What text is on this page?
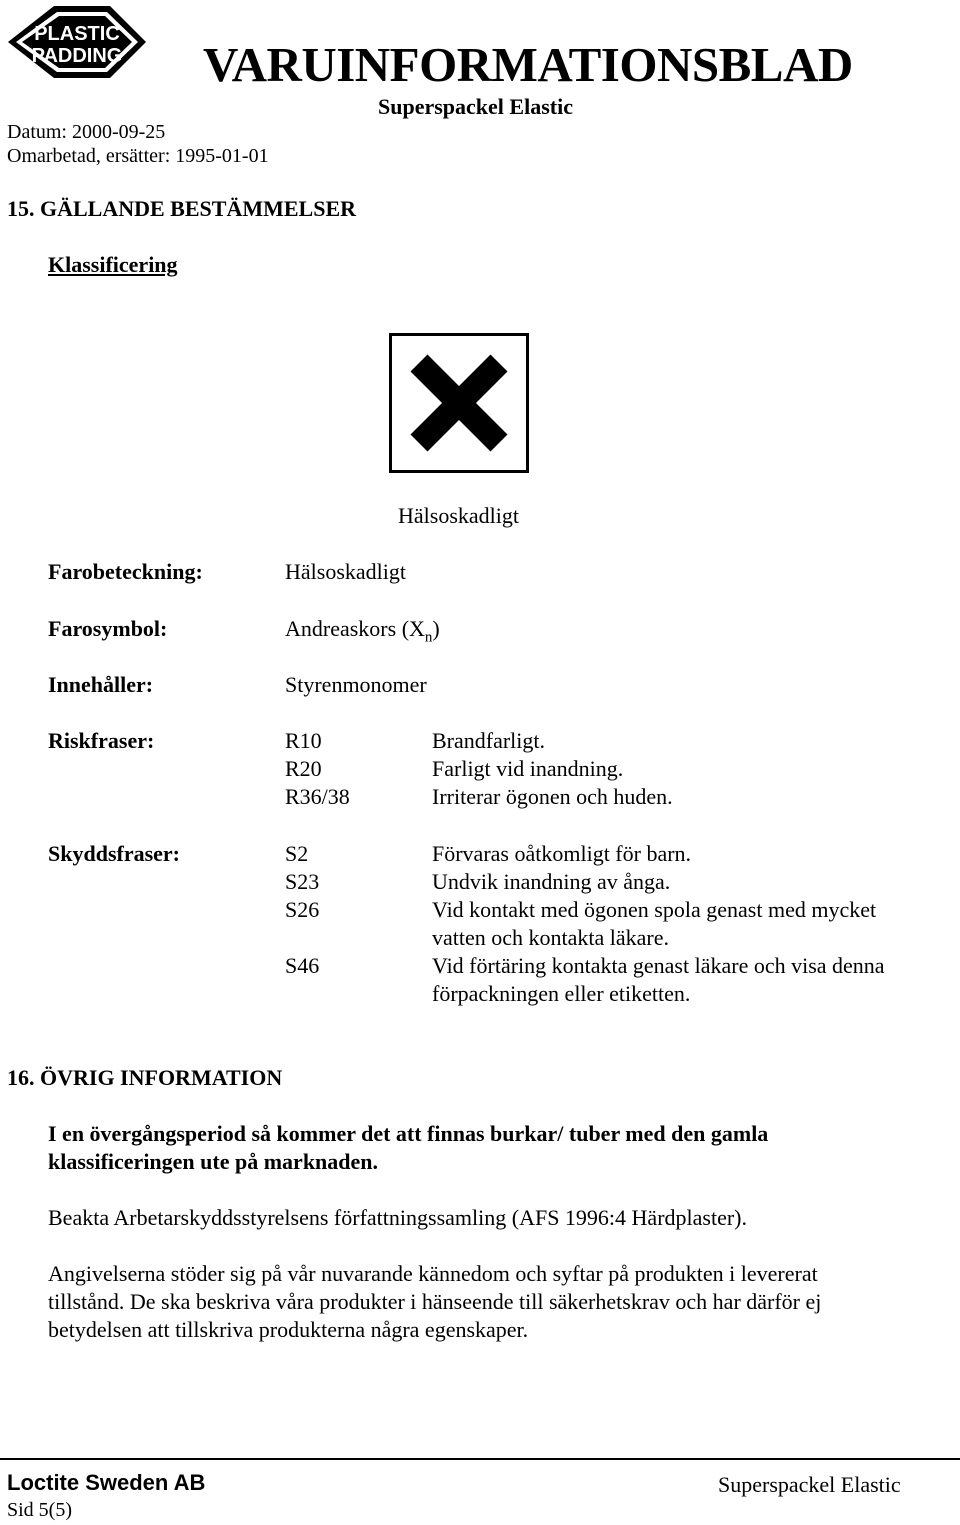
PLASTIC
PADDING VARUINFORMATIONSBLAD
Superspackel Elastic
Datum: 2000-09-25
Omarbetad, ersätter: 1995-01-01
15. GÄLLANDE BESTÄMMELSER
Klassificering
Hälsoskadligt
Farobeteckning:	Hälsoskadligt
Farosymbol:	Andreaskors $(X_n)$
Innehåller:	Styrenmonomer
Riskfraser:	R10	Brandfarligt.
R20	Farligt vid inandning.
R36/38	Irriterar ögonen och huden.
Skyddsfraser:	S2	Förvaras oåtkomligt för barn.
S23	Undvik inandning av ånga.
S26	Vid kontakt med ögonen spola genast med mycket
vatten och kontakta läkare.
S46	Vid förtäring kontakta genast läkare och visa denna
förpackningen eller etiketten.
16. ÖVRIG INFORMATION
I en övergångsperiod så kommer det att finnas burkar/ tuber med den gamla
klassificeringen ute på marknaden.
Beakta Arbetarskyddsstyrelsens författningssamling (AFS 1996:4 Härdplaster).
Angivelserna stöder sig på vår nuvarande kännedom och syftar på produkten i levererat
tillstånd. De ska beskriva våra produkter i hänseende till säkerhetskrav och har därför ej
betydelsen att tillskriva produkterna några egenskaper.
Loctite Sweden AB	Superspackel Elastic
Sid 5(5)
